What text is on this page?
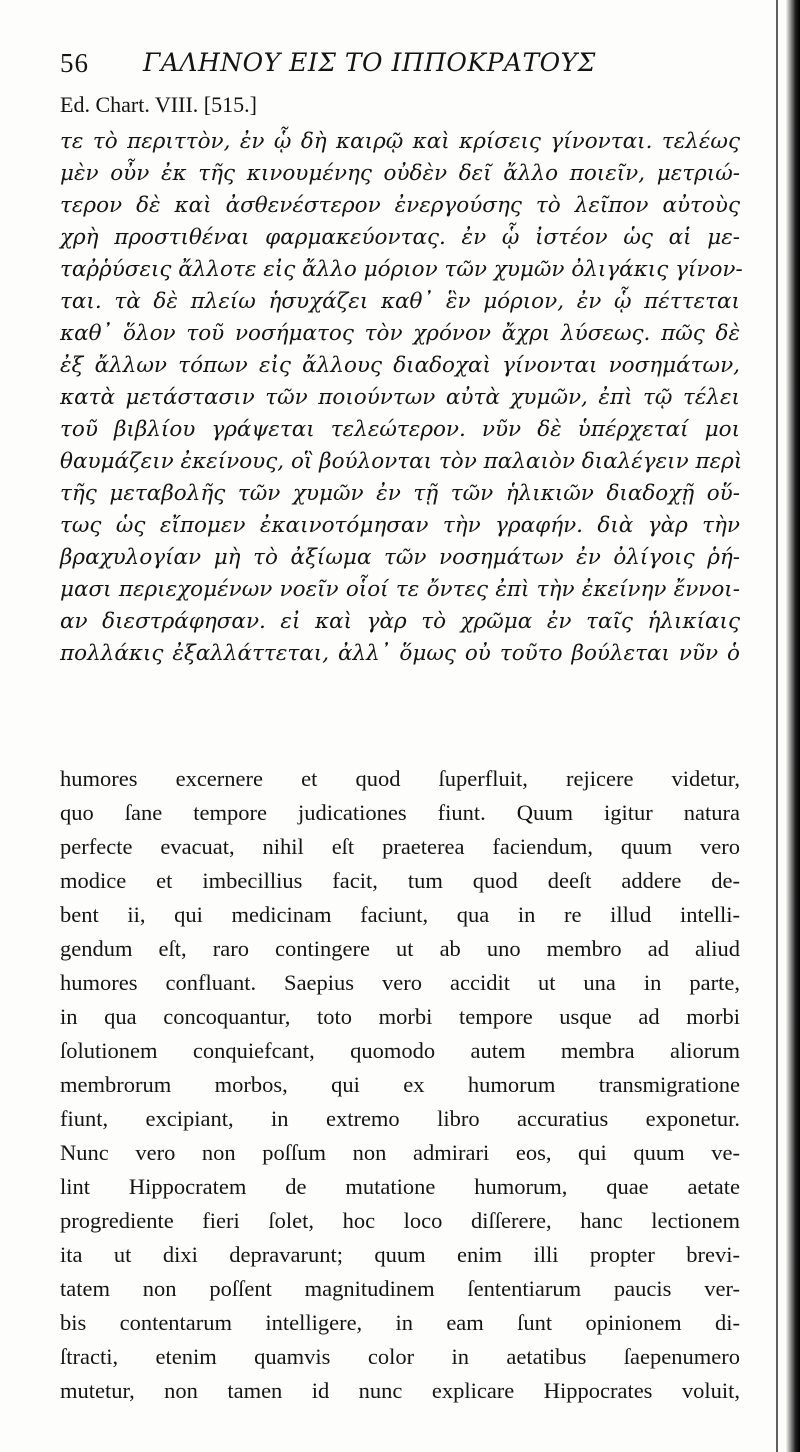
56 ΓΑΛΗΝΟΥ ΕΙΣ ΤΟ ΙΠΠΟΚΡΑΤΟΥΣ
Ed. Chart. VIII. [515.]
τε τὸ περιττὸν, ἐν ᾧ δὴ καιρῷ καὶ κρίσεις γίνονται. τελέως
μὲν οὖν ἐκ τῆς κινουμένης οὐδὲν δεῖ ἄλλο ποιεῖν, μετριώ-
τερον δὲ καὶ ἀσθενέστερον ἐνεργούσης τὸ λεῖπον αὐτοὺς
χρὴ προστιθέναι φαρμακεύοντας. ἐν ᾧ ἰστέον ὡς αἱ με-
ταῤῥύσεις ἄλλοτε εἰς ἄλλο μόριον τῶν χυμῶν ὀλιγάκις γίνον-
ται. τὰ δὲ πλείω ἡσυχάζει καθ᾽ ἓν μόριον, ἐν ᾧ πέττεται
καθ᾽ ὅλον τοῦ νοσήματος τὸν χρόνον ἄχρι λύσεως. πῶς δὲ
ἐξ ἄλλων τόπων εἰς ἄλλους διαδοχαὶ γίνονται νοσημάτων,
κατὰ μετάστασιν τῶν ποιούντων αὐτὰ χυμῶν, ἐπὶ τῷ τέλει
τοῦ βιβλίου γράψεται τελεώτερον. νῦν δὲ ὑπέρχεταί μοι
θαυμάζειν ἐκείνους, οἳ βούλονται τὸν παλαιὸν διαλέγειν περὶ
τῆς μεταβολῆς τῶν χυμῶν ἐν τῇ τῶν ἡλικιῶν διαδοχῇ οὕ-
τως ὡς εἴπομεν ἐκαινοτόμησαν τὴν γραφήν. διὰ γὰρ τὴν
βραχυλογίαν μὴ τὸ ἀξίωμα τῶν νοσημάτων ἐν ὀλίγοις ῥή-
μασι περιεχομένων νοεῖν οἷοί τε ὄντες ἐπὶ τὴν ἐκείνην ἔννοι-
αν διεστράφησαν. εἰ καὶ γὰρ τὸ χρῶμα ἐν ταῖς ἡλικίαις
πολλάκις ἐξαλλάττεται, ἀλλ᾽ ὅμως οὐ τοῦτο βούλεται νῦν ὁ
humores excernere et quod ſuperfluit, rejicere videtur,
quo ſane tempore judicationes fiunt. Quum igitur natura
perfecte evacuat, nihil eſt praeterea faciendum, quum vero
modice et imbecillius facit, tum quod deeſt addere de-
bent ii, qui medicinam faciunt, qua in re illud intelli-
gendum eſt, raro contingere ut ab uno membro ad aliud
humores confluant. Saepius vero accidit ut una in parte,
in qua concoquantur, toto morbi tempore usque ad morbi
ſolutionem conquiefcant, quomodo autem membra aliorum
membrorum morbos, qui ex humorum transmigratione
fiunt, excipiant, in extremo libro accuratius exponetur.
Nunc vero non poſſum non admirari eos, qui quum ve-
lint Hippocratem de mutatione humorum, quae aetate
progrediente fieri ſolet, hoc loco diſſerere, hanc lectionem
ita ut dixi depravarunt; quum enim illi propter brevi-
tatem non poſſent magnitudinem ſententiarum paucis ver-
bis contentarum intelligere, in eam ſunt opinionem di-
ſtracti, etenim quamvis color in aetatibus ſaepenumero
mutetur, non tamen id nunc explicare Hippocrates voluit,
